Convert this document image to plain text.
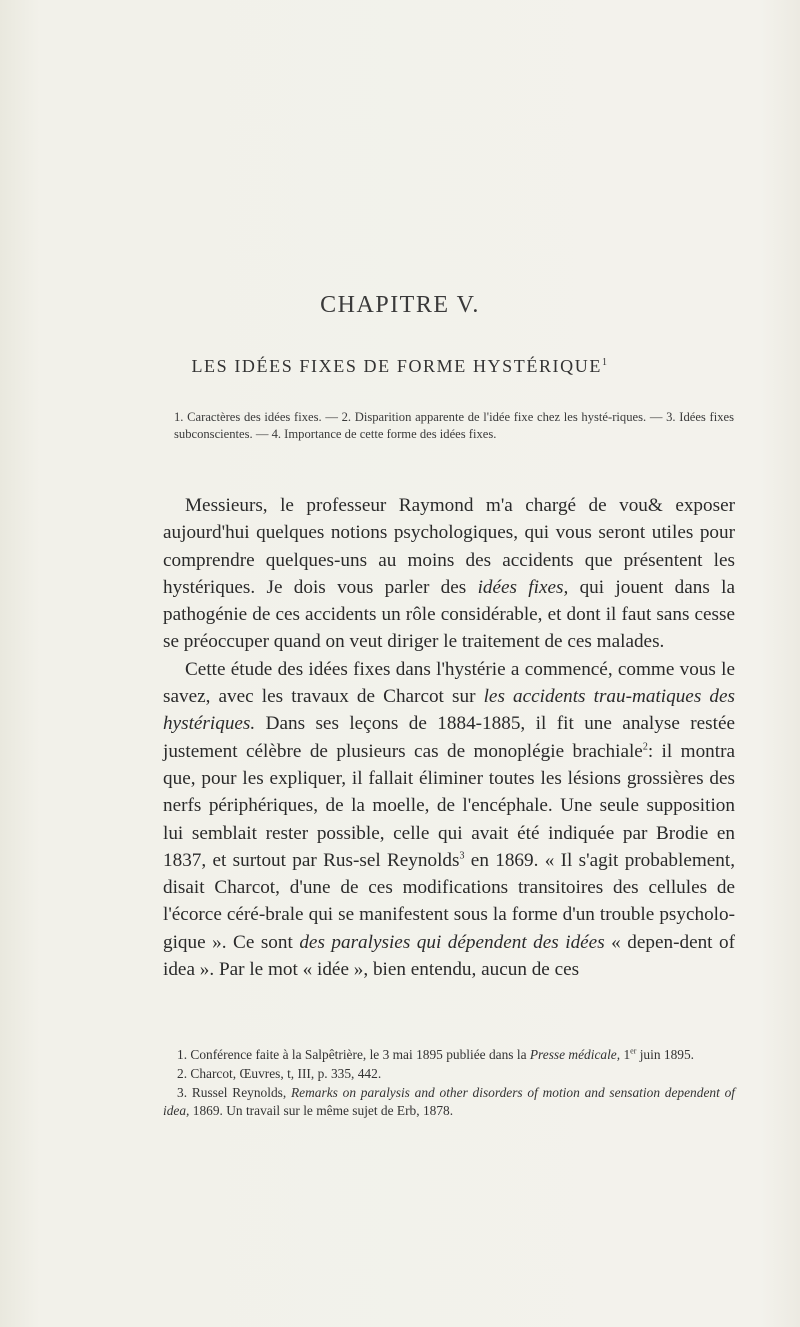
CHAPITRE V.
LES IDÉES FIXES DE FORME HYSTÉRIQUE$^1$
1. Caractères des idées fixes. — 2. Disparition apparente de l'idée fixe chez les hysté-riques. — 3. Idées fixes subconscientes. — 4. Importance de cette forme des idées fixes.

Messieurs, le professeur Raymond m'a chargé de vou& exposer aujourd'hui quelques notions psychologiques, qui vous seront utiles pour comprendre quelques-uns au moins des accidents que présentent les hystériques. Je dois vous parler des idées fixes, qui jouent dans la pathogénie de ces accidents un rôle considérable, et dont il faut sans cesse se préoccuper quand on veut diriger le traitement de ces malades.

Cette étude des idées fixes dans l'hystérie a commencé, comme vous le savez, avec les travaux de Charcot sur les accidents trau-matiques des hystériques. Dans ses leçons de 1884-1885, il fit une analyse restée justement célèbre de plusieurs cas de monoplégie brachiale$^2$: il montra que, pour les expliquer, il fallait éliminer toutes les lésions grossières des nerfs périphériques, de la moelle, de l'encéphale. Une seule supposition lui semblait rester possible, celle qui avait été indiquée par Brodie en 1837, et surtout par Rus-sel Reynolds$^3$ en 1869. « Il s'agit probablement, disait Charcot, d'une de ces modifications transitoires des cellules de l'écorce céré-brale qui se manifestent sous la forme d'un trouble psycholo-gique ». Ce sont des paralysies qui dépendent des idées « depen-dent of idea ». Par le mot « idée », bien entendu, aucun de ces

1. Conférence faite à la Salpêtrière, le 3 mai 1895 publiée dans la Presse médicale, 1er juin 1895.

2. Charcot, Œuvres, t, III, p. 335, 442.

3. Russel Reynolds, Remarks on paralysis and other disorders of motion and sensation dependent of idea, 1869. Un travail sur le même sujet de Erb, 1878.
